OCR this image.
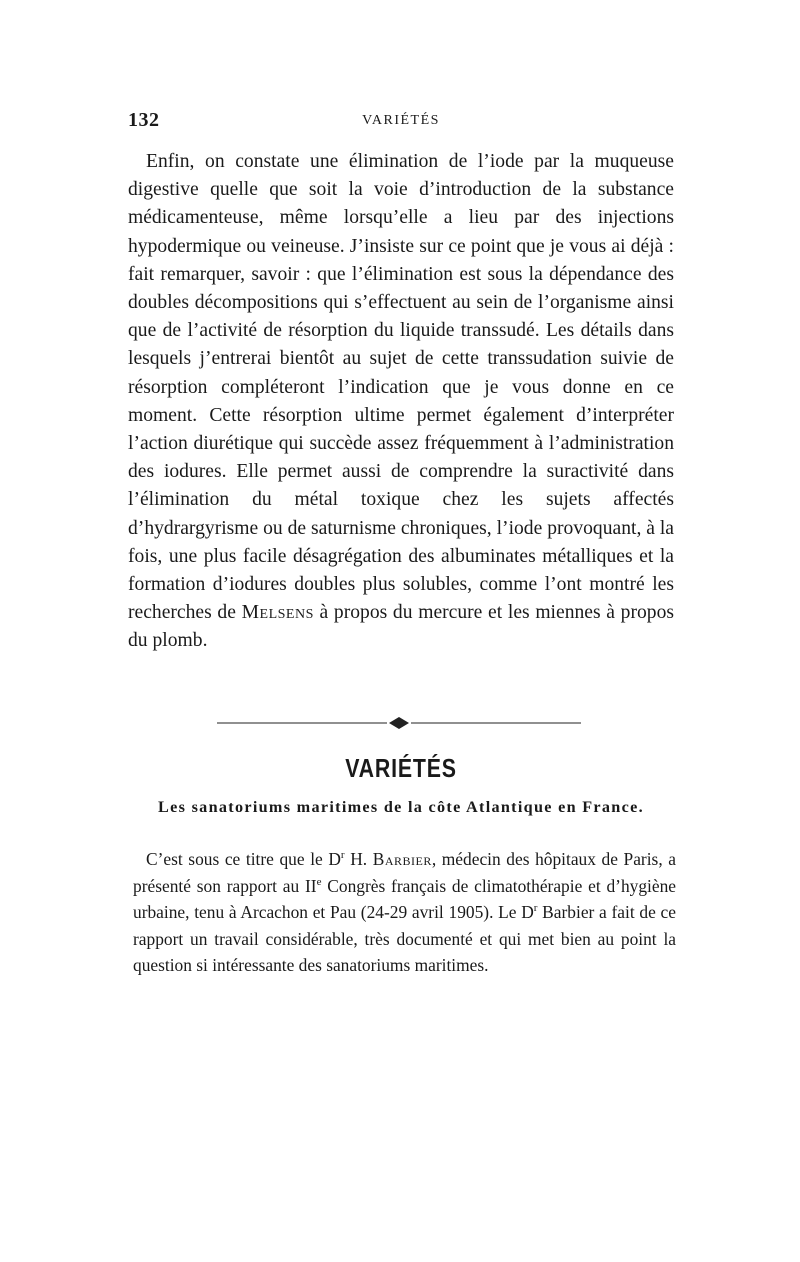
132	VARIÉTÉS

Enfin, on constate une élimination de l’iode par la muqueuse digestive quelle que soit la voie d’introduction de la substance médicamenteuse, même lorsqu’elle a lieu par des injections hypodermique ou veineuse. J’insiste sur ce point que je vous ai déjà : fait remarquer, savoir : que l’élimination est sous la dépendance des doubles décompositions qui s’effectuent au sein de l’organisme ainsi que de l’activité de résorption du liquide transsudé. Les détails dans lesquels j’entrerai bientôt au sujet de cette transsudation suivie de résorption compléteront l’indication que je vous donne en ce moment. Cette résorption ultime permet également d’interpréter l’action diurétique qui succède assez fréquemment à l’administration des iodures. Elle permet aussi de comprendre la suractivité dans l’élimination du métal toxique chez les sujets affectés d’hydrargyrisme ou de saturnisme chroniques, l’iode provoquant, à la fois, une plus facile désagrégation des albuminates métalliques et la formation d’iodures doubles plus solubles, comme l’ont montré les recherches de Melsens à propos du mercure et les miennes à propos du plomb.

VARIÉTÉS
Les sanatoriums maritimes de la côte Atlantique en France.

C’est sous ce titre que le $D^r$ H. Barbier, médecin des hôpitaux de Paris, a présenté son rapport au IIe Congrès français de climatothérapie et d’hygiène urbaine, tenu à Arcachon et Pau (24-29 avril 1905). Le $D^r$ Barbier a fait de ce rapport un travail considérable, très documenté et qui met bien au point la question si intéressante des sanatoriums maritimes.
